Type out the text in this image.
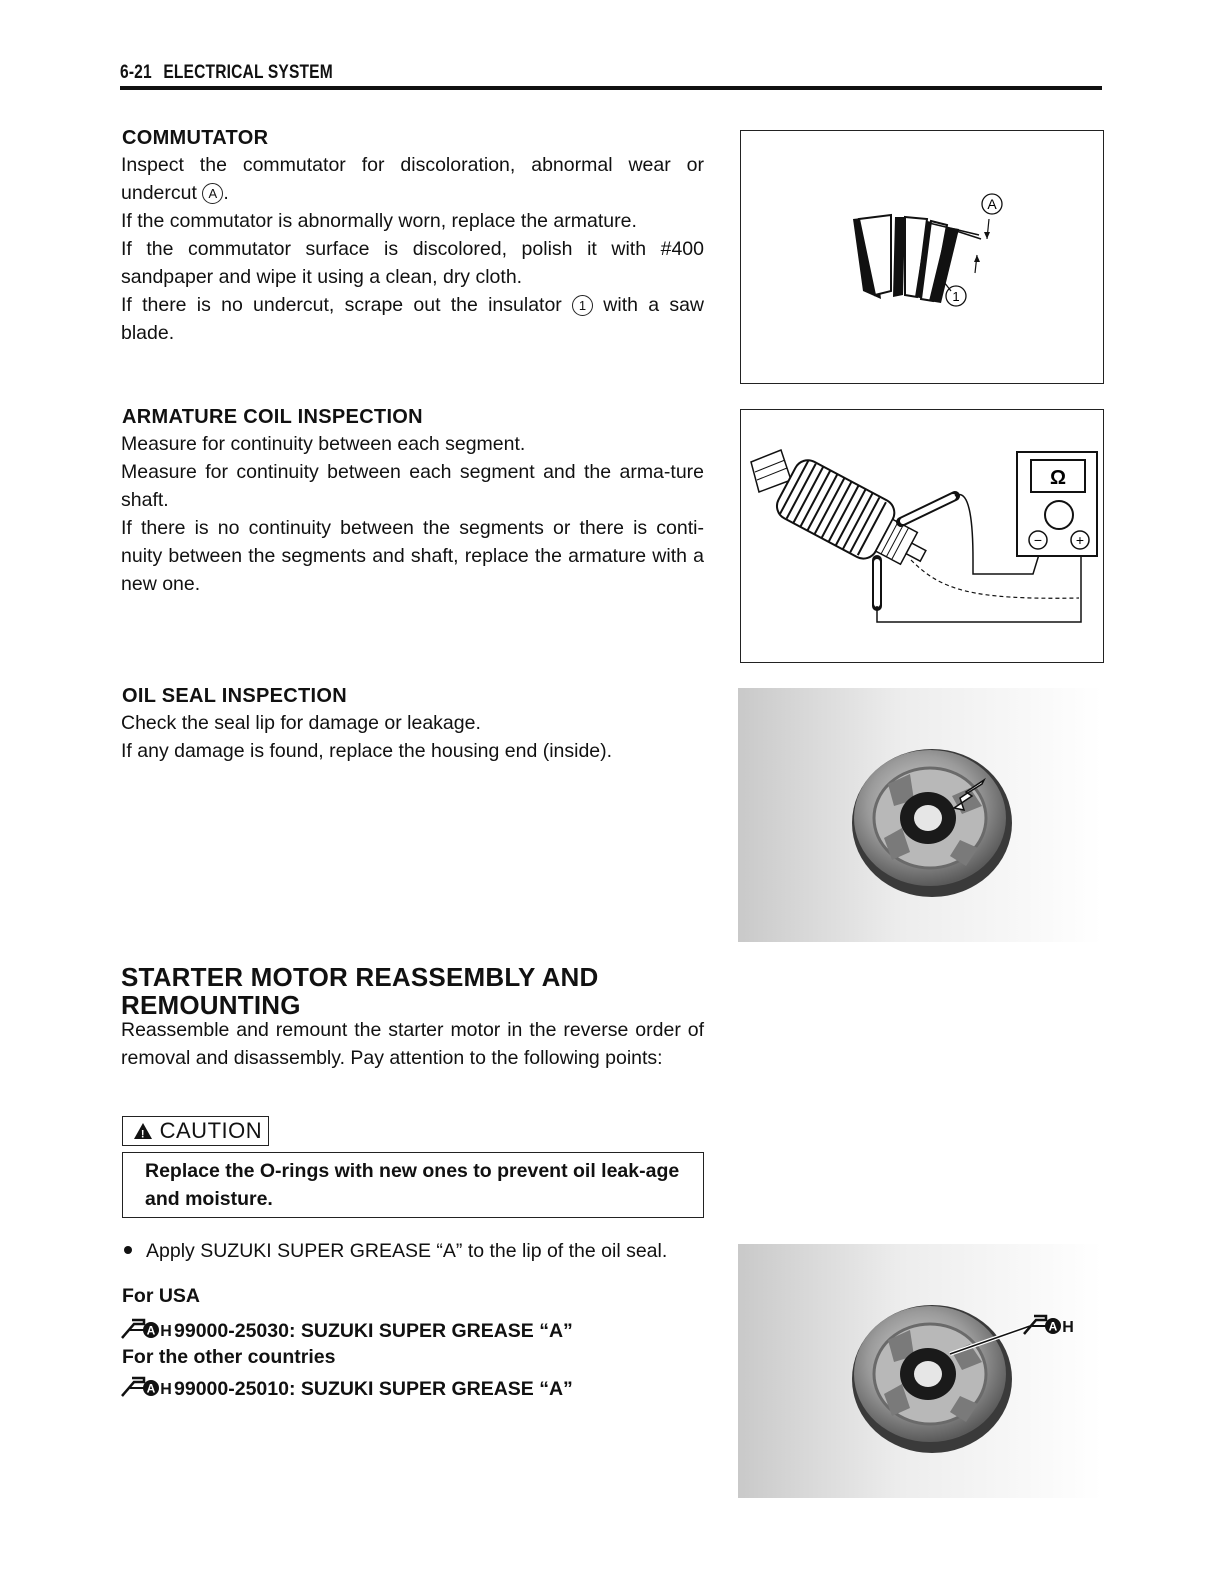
6-21 ELECTRICAL SYSTEM
COMMUTATOR

Inspect the commutator for discoloration, abnormal wear or undercut A .

If the commutator is abnormally worn, replace the armature.

If the commutator surface is discolored, polish it with #400 sandpaper and wipe it using a clean, dry cloth.

If there is no undercut, scrape out the insulator 1 with a saw blade.

A
1
ARMATURE COIL INSPECTION

Measure for continuity between each segment.

Measure for continuity between each segment and the arma-ture shaft.

If there is no continuity between the segments or there is conti-nuity between the segments and shaft, replace the armature with a new one.

Ω
− +
OIL SEAL INSPECTION

Check the seal lip for damage or leakage.

If any damage is found, replace the housing end (inside).

STARTER MOTOR REASSEMBLY AND
REMOUNTING
Reassemble and remount the starter motor in the reverse order of removal and disassembly. Pay attention to the following points:
! CAUTION
Replace the O-rings with new ones to prevent oil leak-age and moisture.
Apply SUZUKI SUPER GREASE “A” to the lip of the oil seal.
For USA
A H 99000-25030: SUZUKI SUPER GREASE “A”
For the other countries
A H 99000-25010: SUZUKI SUPER GREASE “A”
A H
